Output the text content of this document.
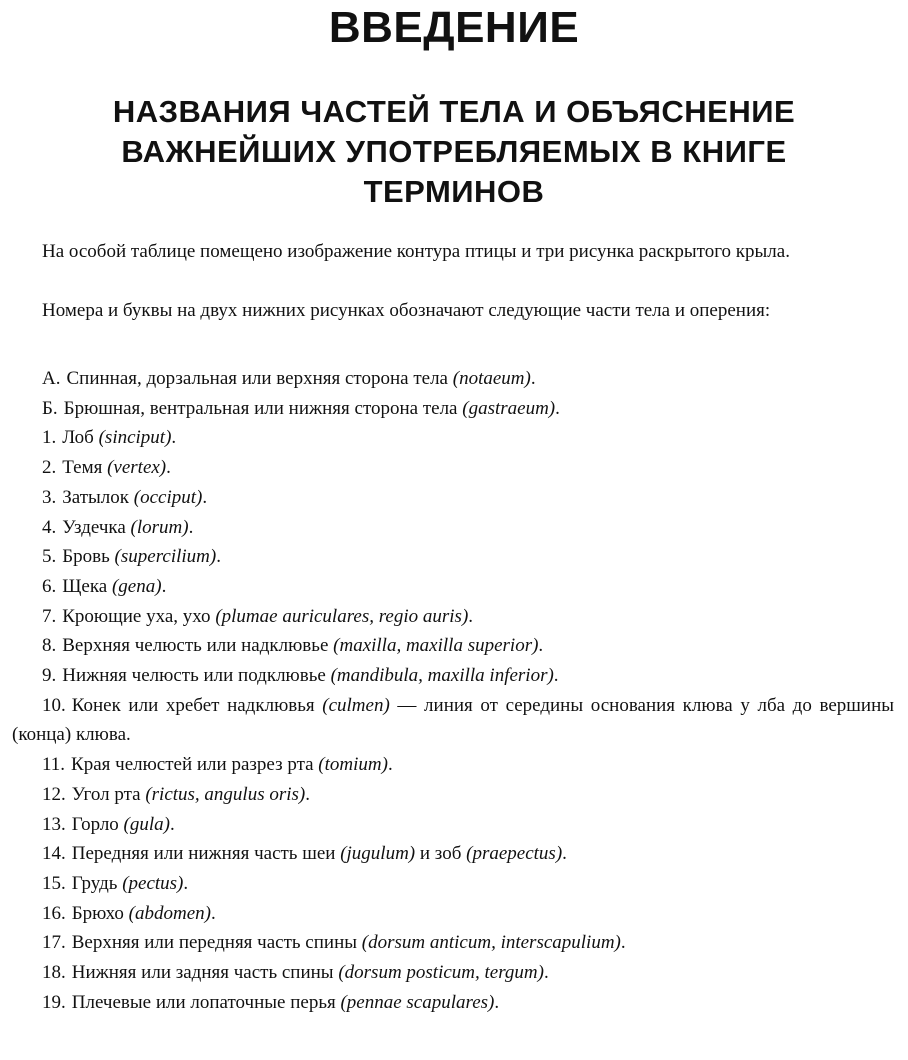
ВВЕДЕНИЕ
НАЗВАНИЯ ЧАСТЕЙ ТЕЛА И ОБЪЯСНЕНИЕ
ВАЖНЕЙШИХ УПОТРЕБЛЯЕМЫХ В КНИГЕ
ТЕРМИНОВ
На особой таблице помещено изображение контура птицы и три рисунка раскрытого крыла.
Номера и буквы на двух нижних рисунках обозначают следующие части тела и оперения:
А. Спинная, дорзальная или верхняя сторона тела (notaeum).
Б. Брюшная, вентральная или нижняя сторона тела (gastraeum).
1. Лоб (sinciput).
2. Темя (vertex).
3. Затылок (occiput).
4. Уздечка (lorum).
5. Бровь (supercilium).
6. Щека (gena).
7. Кроющие уха, ухо (plumae auriculares, regio auris).
8. Верхняя челюсть или надклювье (maxilla, maxilla superior).
9. Нижняя челюсть или подклювье (mandibula, maxilla inferior).
10. Конек или хребет надклювья (culmen) — линия от середины основания клюва у лба до вершины (конца) клюва.
11. Края челюстей или разрез рта (tomium).
12. Угол рта (rictus, angulus oris).
13. Горло (gula).
14. Передняя или нижняя часть шеи (jugulum) и зоб (praepectus).
15. Грудь (pectus).
16. Брюхо (abdomen).
17. Верхняя или передняя часть спины (dorsum anticum, interscapulium).
18. Нижняя или задняя часть спины (dorsum posticum, tergum).
19. Плечевые или лопаточные перья (pennae scapulares).
